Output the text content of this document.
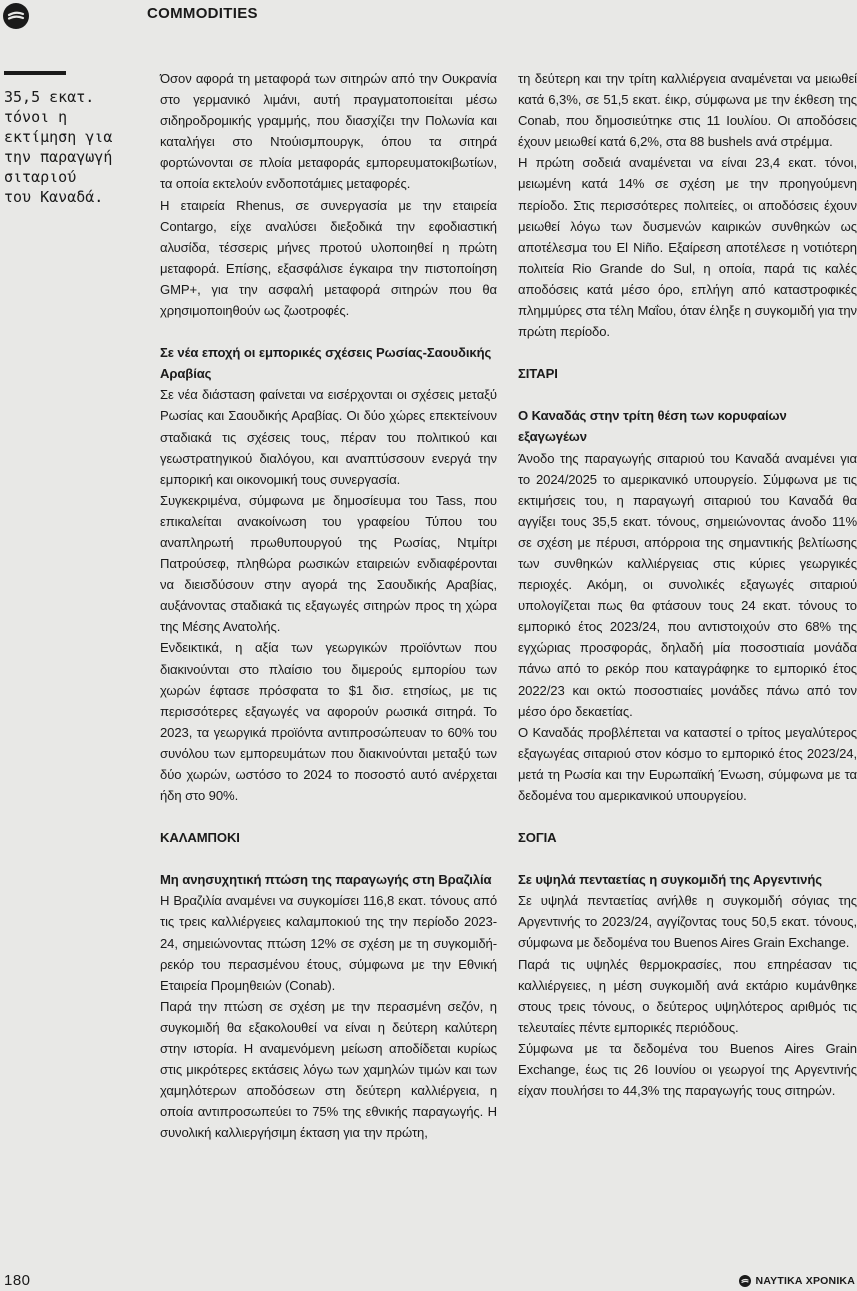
COMMODITIES
35,5 εκατ.
τόνοι η
εκτίμηση για
την παραγωγή
σιταριού
του Καναδά.

Όσον αφορά τη μεταφορά των σιτηρών από την Ουκρανία στο γερμανικό λιμάνι, αυτή πραγματοποιείται μέσω σιδηροδρομικής γραμμής, που διασχίζει την Πολωνία και καταλήγει στο Ντούισμπουργκ, όπου τα σιτηρά φορτώνονται σε πλοία μεταφοράς εμπορευματοκιβωτίων, τα οποία εκτελούν ενδοποτάμιες μεταφορές.

Η εταιρεία Rhenus, σε συνεργασία με την εταιρεία Contargo, είχε αναλύσει διεξοδικά την εφοδιαστική αλυσίδα, τέσσερις μήνες προτού υλοποιηθεί η πρώτη μεταφορά. Επίσης, εξασφάλισε έγκαιρα την πιστοποίηση GMP+, για την ασφαλή μεταφορά σιτηρών που θα χρησιμοποιηθούν ως ζωοτροφές.

Σε νέα εποχή οι εμπορικές σχέσεις Ρωσίας-Σαουδικής Αραβίας

Σε νέα διάσταση φαίνεται να εισέρχονται οι σχέσεις μεταξύ Ρωσίας και Σαουδικής Αραβίας. Οι δύο χώρες επεκτείνουν σταδιακά τις σχέσεις τους, πέραν του πολιτικού και γεωστρατηγικού διαλόγου, και αναπτύσσουν ενεργά την εμπορική και οικονομική τους συνεργασία.

Συγκεκριμένα, σύμφωνα με δημοσίευμα του Tass, που επικαλείται ανακοίνωση του γραφείου Τύπου του αναπληρωτή πρωθυπουργού της Ρωσίας, Ντμίτρι Πατρούσεφ, πληθώρα ρωσικών εταιρειών ενδιαφέρονται να διεισδύσουν στην αγορά της Σαουδικής Αραβίας, αυξάνοντας σταδιακά τις εξαγωγές σιτηρών προς τη χώρα της Μέσης Ανατολής.

Ενδεικτικά, η αξία των γεωργικών προϊόντων που διακινούνται στο πλαίσιο του διμερούς εμπορίου των χωρών έφτασε πρόσφατα το $1 δισ. ετησίως, με τις περισσότερες εξαγωγές να αφορούν ρωσικά σιτηρά. Το 2023, τα γεωργικά προϊόντα αντιπροσώπευαν το 60% του συνόλου των εμπορευμάτων που διακινούνται μεταξύ των δύο χωρών, ωστόσο το 2024 το ποσοστό αυτό ανέρχεται ήδη στο 90%.

ΚΑΛΑΜΠΟΚΙ
Μη ανησυχητική πτώση της παραγωγής στη Βραζιλία

Η Βραζιλία αναμένει να συγκομίσει 116,8 εκατ. τόνους από τις τρεις καλλιέργειες καλαμποκιού της την περίοδο 2023-24, σημειώνοντας πτώση 12% σε σχέση με τη συγκομιδή-ρεκόρ του περασμένου έτους, σύμφωνα με την Εθνική Εταιρεία Προμηθειών (Conab).

Παρά την πτώση σε σχέση με την περασμένη σεζόν, η συγκομιδή θα εξακολουθεί να είναι η δεύτερη καλύτερη στην ιστορία. Η αναμενόμενη μείωση αποδίδεται κυρίως στις μικρότερες εκτάσεις λόγω των χαμηλών τιμών και των χαμηλότερων αποδόσεων στη δεύτερη καλλιέργεια, η οποία αντιπροσωπεύει το 75% της εθνικής παραγωγής. Η συνολική καλλιεργήσιμη έκταση για την πρώτη,

τη δεύτερη και την τρίτη καλλιέργεια αναμένεται να μειωθεί κατά 6,3%, σε 51,5 εκατ. έικρ, σύμφωνα με την έκθεση της Conab, που δημοσιεύτηκε στις 11 Ιουλίου. Οι αποδόσεις έχουν μειωθεί κατά 6,2%, στα 88 bushels ανά στρέμμα.

Η πρώτη σοδειά αναμένεται να είναι 23,4 εκατ. τόνοι, μειωμένη κατά 14% σε σχέση με την προηγούμενη περίοδο. Στις περισσότερες πολιτείες, οι αποδόσεις έχουν μειωθεί λόγω των δυσμενών καιρικών συνθηκών ως αποτέλεσμα του El Niño. Εξαίρεση αποτέλεσε η νοτιότερη πολιτεία Rio Grande do Sul, η οποία, παρά τις καλές αποδόσεις κατά μέσο όρο, επλήγη από καταστροφικές πλημμύρες στα τέλη Μαΐου, όταν έληξε η συγκομιδή για την πρώτη περίοδο.

ΣΙΤΑΡΙ
Ο Καναδάς στην τρίτη θέση των κορυφαίων εξαγωγέων

Άνοδο της παραγωγής σιταριού του Καναδά αναμένει για το 2024/2025 το αμερικανικό υπουργείο. Σύμφωνα με τις εκτιμήσεις του, η παραγωγή σιταριού του Καναδά θα αγγίξει τους 35,5 εκατ. τόνους, σημειώνοντας άνοδο 11% σε σχέση με πέρυσι, απόρροια της σημαντικής βελτίωσης των συνθηκών καλλιέργειας στις κύριες γεωργικές περιοχές. Ακόμη, οι συνολικές εξαγωγές σιταριού υπολογίζεται πως θα φτάσουν τους 24 εκατ. τόνους το εμπορικό έτος 2023/24, που αντιστοιχούν στο 68% της εγχώριας προσφοράς, δηλαδή μία ποσοστιαία μονάδα πάνω από το ρεκόρ που καταγράφηκε το εμπορικό έτος 2022/23 και οκτώ ποσοστιαίες μονάδες πάνω από τον μέσο όρο δεκαετίας.

Ο Καναδάς προβλέπεται να καταστεί ο τρίτος μεγαλύτερος εξαγωγέας σιταριού στον κόσμο το εμπορικό έτος 2023/24, μετά τη Ρωσία και την Ευρωπαϊκή Ένωση, σύμφωνα με τα δεδομένα του αμερικανικού υπουργείου.

ΣΟΓΙΑ
Σε υψηλά πενταετίας η συγκομιδή της Αργεντινής

Σε υψηλά πενταετίας ανήλθε η συγκομιδή σόγιας της Αργεντινής το 2023/24, αγγίζοντας τους 50,5 εκατ. τόνους, σύμφωνα με δεδομένα του Buenos Aires Grain Exchange.

Παρά τις υψηλές θερμοκρασίες, που επηρέασαν τις καλλιέργειες, η μέση συγκομιδή ανά εκτάριο κυμάνθηκε στους τρεις τόνους, ο δεύτερος υψηλότερος αριθμός τις τελευταίες πέντε εμπορικές περιόδους.

Σύμφωνα με τα δεδομένα του Buenos Aires Grain Exchange, έως τις 26 Ιουνίου οι γεωργοί της Αργεντινής είχαν πουλήσει το 44,3% της παραγωγής τους σιτηρών.

180	ΝΑΥΤΙΚΑ ΧΡΟΝΙΚΑ
